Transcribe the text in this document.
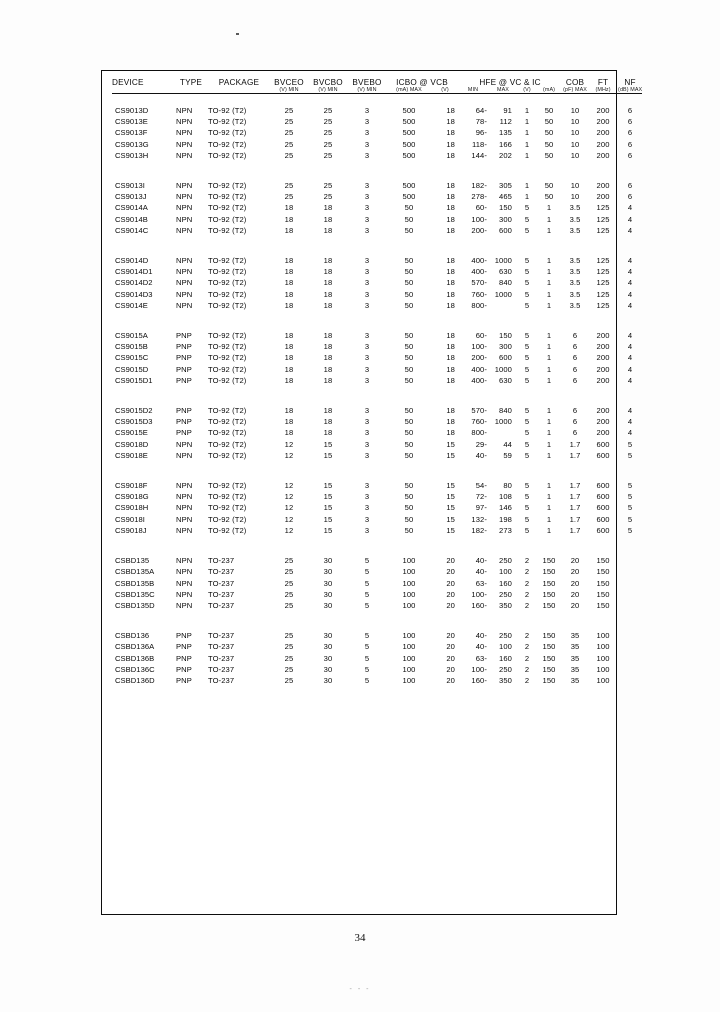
DEVICE	TYPE	PACKAGE	BVCEO	BVCBO	BVEBO	ICBO @ VCB		HFE @ VC & IC				COB	FT	NF
			(V) MIN	(V) MIN	(V) MIN	(mA) MAX	(V)	MIN	MAX	(V)	(mA)	(pF) MAX	(MHz)	(dB) MAX

CS9013D	NPN	TO-92 (T2)	25	25	3	500	18	64-	91	1	50	10	200	6
CS9013E	NPN	TO-92 (T2)	25	25	3	500	18	78-	112	1	50	10	200	6
CS9013F	NPN	TO-92 (T2)	25	25	3	500	18	96-	135	1	50	10	200	6
CS9013G	NPN	TO-92 (T2)	25	25	3	500	18	118-	166	1	50	10	200	6
CS9013H	NPN	TO-92 (T2)	25	25	3	500	18	144-	202	1	50	10	200	6

CS9013I	NPN	TO-92 (T2)	25	25	3	500	18	182-	305	1	50	10	200	6
CS9013J	NPN	TO-92 (T2)	25	25	3	500	18	278-	465	1	50	10	200	6
CS9014A	NPN	TO-92 (T2)	18	18	3	50	18	60-	150	5	1	3.5	125	4
CS9014B	NPN	TO-92 (T2)	18	18	3	50	18	100-	300	5	1	3.5	125	4
CS9014C	NPN	TO-92 (T2)	18	18	3	50	18	200-	600	5	1	3.5	125	4

CS9014D	NPN	TO-92 (T2)	18	18	3	50	18	400-	1000	5	1	3.5	125	4
CS9014D1	NPN	TO-92 (T2)	18	18	3	50	18	400-	630	5	1	3.5	125	4
CS9014D2	NPN	TO-92 (T2)	18	18	3	50	18	570-	840	5	1	3.5	125	4
CS9014D3	NPN	TO-92 (T2)	18	18	3	50	18	760-	1000	5	1	3.5	125	4
CS9014E	NPN	TO-92 (T2)	18	18	3	50	18	800-		5	1	3.5	125	4

CS9015A	PNP	TO-92 (T2)	18	18	3	50	18	60-	150	5	1	6	200	4
CS9015B	PNP	TO-92 (T2)	18	18	3	50	18	100-	300	5	1	6	200	4
CS9015C	PNP	TO-92 (T2)	18	18	3	50	18	200-	600	5	1	6	200	4
CS9015D	PNP	TO-92 (T2)	18	18	3	50	18	400-	1000	5	1	6	200	4
CS9015D1	PNP	TO-92 (T2)	18	18	3	50	18	400-	630	5	1	6	200	4

CS9015D2	PNP	TO-92 (T2)	18	18	3	50	18	570-	840	5	1	6	200	4
CS9015D3	PNP	TO-92 (T2)	18	18	3	50	18	760-	1000	5	1	6	200	4
CS9015E	PNP	TO-92 (T2)	18	18	3	50	18	800-		5	1	6	200	4
CS9018D	NPN	TO-92 (T2)	12	15	3	50	15	29-	44	5	1	1.7	600	5
CS9018E	NPN	TO-92 (T2)	12	15	3	50	15	40-	59	5	1	1.7	600	5

CS9018F	NPN	TO-92 (T2)	12	15	3	50	15	54-	80	5	1	1.7	600	5
CS9018G	NPN	TO-92 (T2)	12	15	3	50	15	72-	108	5	1	1.7	600	5
CS9018H	NPN	TO-92 (T2)	12	15	3	50	15	97-	146	5	1	1.7	600	5
CS9018I	NPN	TO-92 (T2)	12	15	3	50	15	132-	198	5	1	1.7	600	5
CS9018J	NPN	TO-92 (T2)	12	15	3	50	15	182-	273	5	1	1.7	600	5

CSBD135	NPN	TO-237	25	30	5	100	20	40-	250	2	150	20	150	
CSBD135A	NPN	TO-237	25	30	5	100	20	40-	100	2	150	20	150	
CSBD135B	NPN	TO-237	25	30	5	100	20	63-	160	2	150	20	150	
CSBD135C	NPN	TO-237	25	30	5	100	20	100-	250	2	150	20	150	
CSBD135D	NPN	TO-237	25	30	5	100	20	160-	350	2	150	20	150	

CSBD136	PNP	TO-237	25	30	5	100	20	40-	250	2	150	35	100	
CSBD136A	PNP	TO-237	25	30	5	100	20	40-	100	2	150	35	100	
CSBD136B	PNP	TO-237	25	30	5	100	20	63-	160	2	150	35	100	
CSBD136C	PNP	TO-237	25	30	5	100	20	100-	250	2	150	35	100	
CSBD136D	PNP	TO-237	25	30	5	100	20	160-	350	2	150	35	100	
34
- - -
